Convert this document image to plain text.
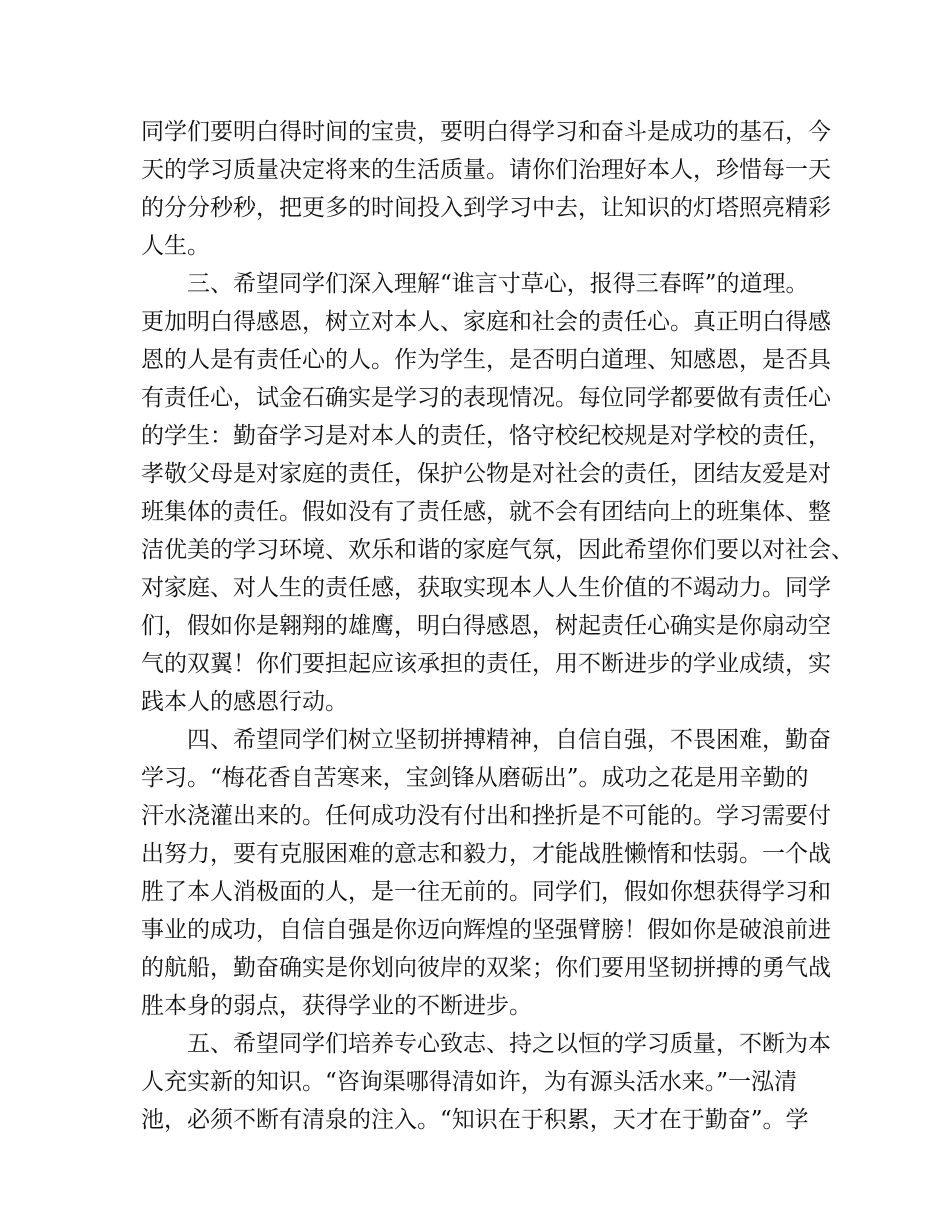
同学们要明白得时间的宝贵，要明白得学习和奋斗是成功的基石，今
天的学习质量决定将来的生活质量。请你们治理好本人，珍惜每一天
的分分秒秒，把更多的时间投入到学习中去，让知识的灯塔照亮精彩
人生。

　　三、希望同学们深入理解“谁言寸草心，报得三春晖”的道理。
更加明白得感恩，树立对本人、家庭和社会的责任心。真正明白得感
恩的人是有责任心的人。作为学生，是否明白道理、知感恩，是否具
有责任心，试金石确实是学习的表现情况。每位同学都要做有责任心
的学生：勤奋学习是对本人的责任，恪守校纪校规是对学校的责任，
孝敬父母是对家庭的责任，保护公物是对社会的责任，团结友爱是对
班集体的责任。假如没有了责任感，就不会有团结向上的班集体、整
洁优美的学习环境、欢乐和谐的家庭气氛，因此希望你们要以对社会、
对家庭、对人生的责任感，获取实现本人人生价值的不竭动力。同学
们，假如你是翱翔的雄鹰，明白得感恩，树起责任心确实是你扇动空
气的双翼！你们要担起应该承担的责任，用不断进步的学业成绩，实
践本人的感恩行动。

　　四、希望同学们树立坚韧拼搏精神，自信自强，不畏困难，勤奋
学习。“梅花香自苦寒来，宝剑锋从磨砺出”。成功之花是用辛勤的
汗水浇灌出来的。任何成功没有付出和挫折是不可能的。学习需要付
出努力，要有克服困难的意志和毅力，才能战胜懒惰和怯弱。一个战
胜了本人消极面的人，是一往无前的。同学们，假如你想获得学习和
事业的成功，自信自强是你迈向辉煌的坚强臂膀！假如你是破浪前进
的航船，勤奋确实是你划向彼岸的双桨；你们要用坚韧拼搏的勇气战
胜本身的弱点，获得学业的不断进步。

　　五、希望同学们培养专心致志、持之以恒的学习质量，不断为本
人充实新的知识。“咨询渠哪得清如许，为有源头活水来。”一泓清
池，必须不断有清泉的注入。“知识在于积累，天才在于勤奋”。学
